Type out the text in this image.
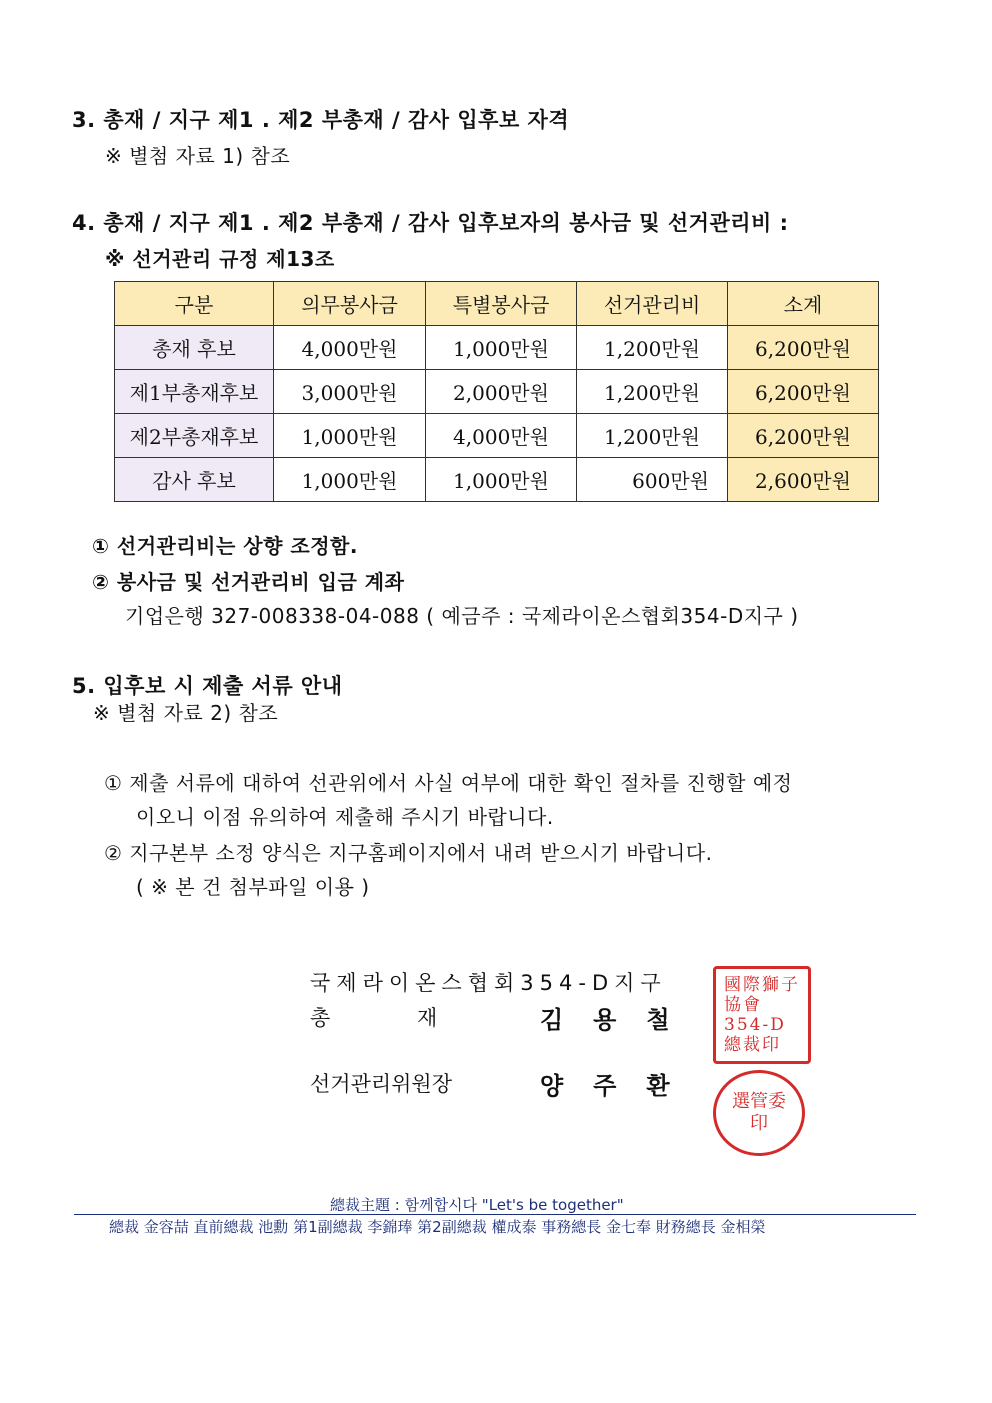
3. 총재 / 지구 제1 . 제2 부총재 / 감사 입후보 자격
※ 별첨 자료 1) 참조
4. 총재 / 지구 제1 . 제2 부총재 / 감사 입후보자의 봉사금 및 선거관리비 :
※ 선거관리 규정 제13조
구분	의무봉사금	특별봉사금	선거관리비	소계
총재 후보	4,000만원	1,000만원	1,200만원	6,200만원
제1부총재후보	3,000만원	2,000만원	1,200만원	6,200만원
제2부총재후보	1,000만원	4,000만원	1,200만원	6,200만원
감사 후보	1,000만원	1,000만원	600만원	2,600만원
① 선거관리비는 상향 조정함.
② 봉사금 및 선거관리비 입금 계좌
기업은행 327-008338-04-088 ( 예금주 : 국제라이온스협회354-D지구 )
5. 입후보 시 제출 서류 안내
※ 별첨 자료 2) 참조
① 제출 서류에 대하여 선관위에서 사실 여부에 대한 확인 절차를 진행할 예정
이오니 이점 유의하여 제출해 주시기 바랍니다.
② 지구본부 소정 양식은 지구홈페이지에서 내려 받으시기 바랍니다.
( ※ 본 건 첨부파일 이용 )
국제라이온스협회354-D지구
총 재	김용철
선거관리위원장	양주환
國際獅子協會354-D總裁印
選管委印
總裁主題 : 함께합시다 "Let's be together"
總裁 金容喆 直前總裁 池勳 第1副總裁 李錦琫 第2副總裁 權成泰 事務總長 金七奉 財務總長 金相榮
